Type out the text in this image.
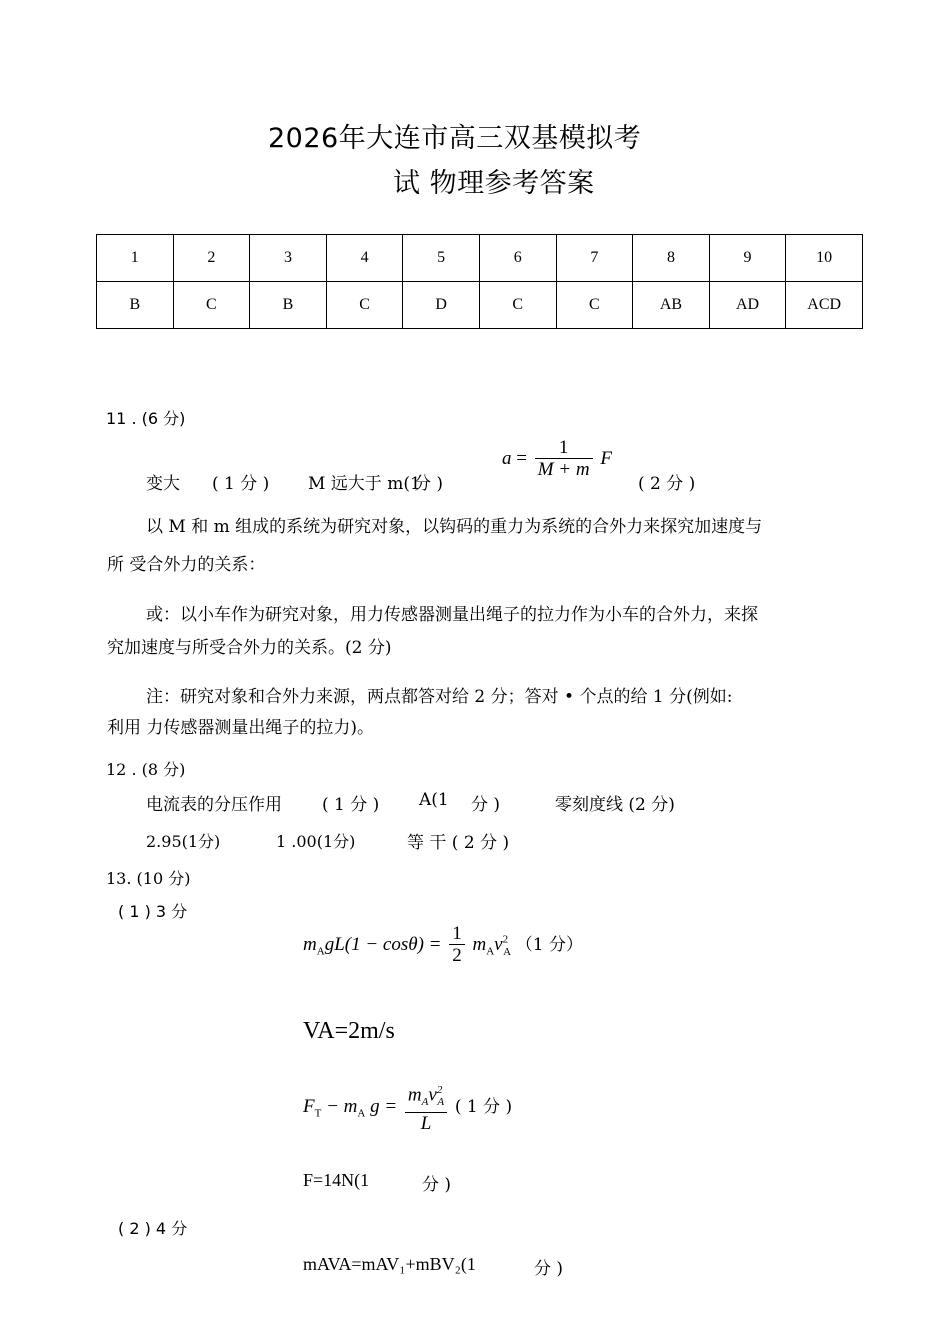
2026年大连市高三双基模拟考
试 物理参考答案
1	2	3	4	5	6	7	8	9	10
B	C	B	C	D	C	C	AB	AD	ACD
11 . (6 分)
变大 ( 1 分 ) M 远大于 m(1
分 )
$a = \frac{1}{M + m}$ F
( 2 分 )
以 M 和 m 组成的系统为研究对象，以钩码的重力为系统的合外力来探究加速度与
所 受合外力的关系：
或：以小车作为研究对象，用力传感器测量出绳子的拉力作为小车的合外力，来探
究加速度与所受合外力的关系。(2 分)
注：研究对象和合外力来源，两点都答对给 2 分；答对 • 个点的给 1 分(例如:
利用 力传感器测量出绳子的拉力)。
12 . (8 分)
电流表的分压作用 ( 1 分 ) A(1 分 )	零刻度线 (2 分)
2.95(1分)	1 .00(1分)	等 干 ( 2 分 )
13. (10 分)
( 1 ) 3 分
$m_AgL(1 - \cos\theta) = \frac{1}{2} m_Av^2_A$ （1 分）
VA=2m/s
$F_T - m_A$ $g = \frac{m_Av^2_A}{L}$ ( 1 分 )
F=14N(1	分 )
( 2 ) 4 分
mAVA=mAV₁+mBV₂(1	分 )
